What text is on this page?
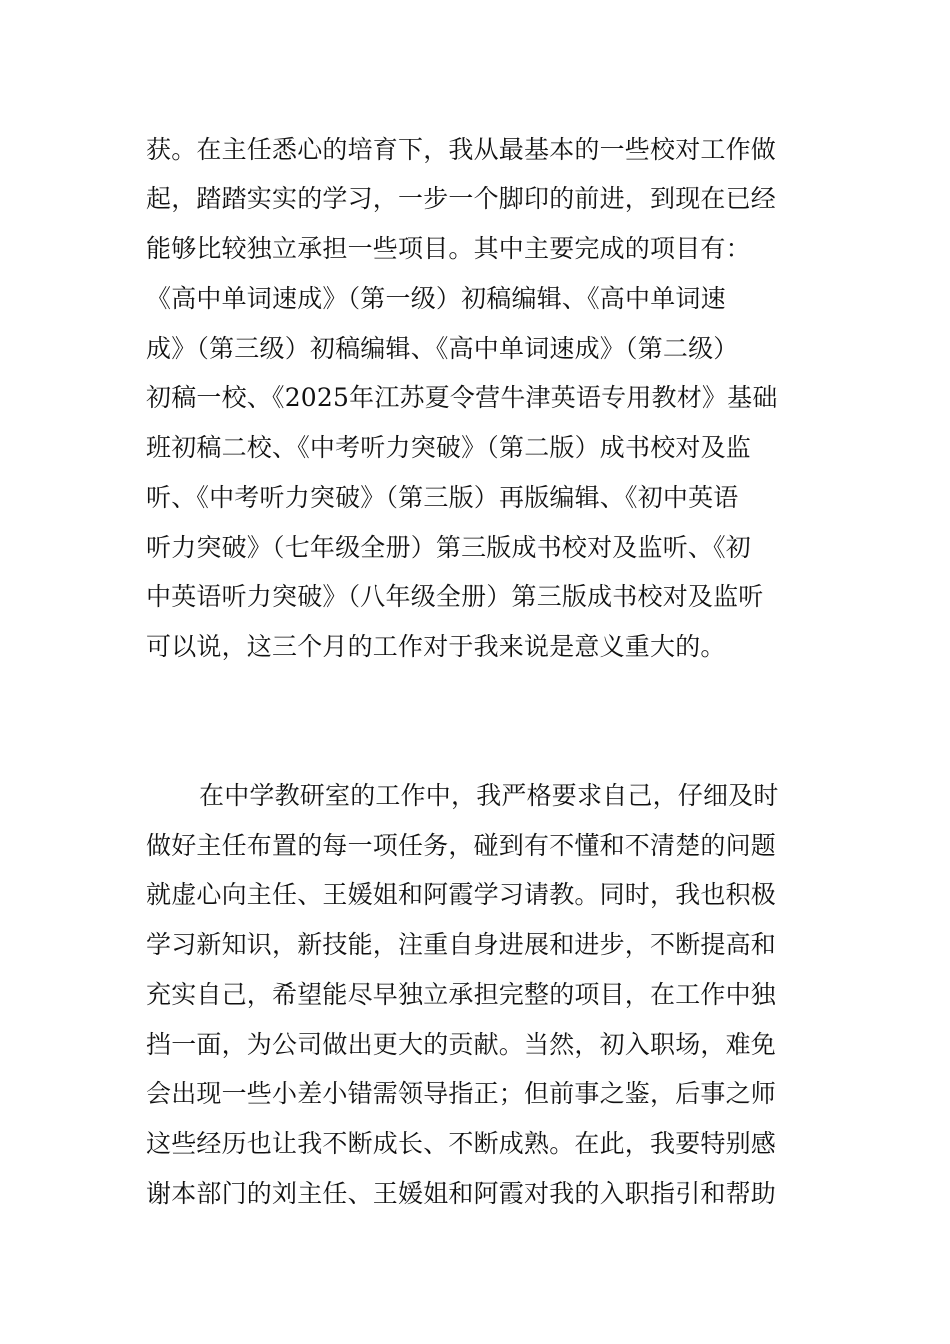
获。在主任悉心的培育下，我从最基本的一些校对工作做

起，踏踏实实的学习，一步一个脚印的前进，到现在已经

能够比较独立承担一些项目。其中主要完成的项目有：

《高中单词速成》（第一级）初稿编辑、《高中单词速

成》（第三级）初稿编辑、《高中单词速成》（第二级）

初稿一校、《2025年江苏夏令营牛津英语专用教材》基础

班初稿二校、《中考听力突破》（第二版）成书校对及监

听、《中考听力突破》（第三版）再版编辑、《初中英语

听力突破》（七年级全册）第三版成书校对及监听、《初

中英语听力突破》（八年级全册）第三版成书校对及监听

可以说，这三个月的工作对于我来说是意义重大的。

在中学教研室的工作中，我严格要求自己，仔细及时

做好主任布置的每一项任务，碰到有不懂和不清楚的问题

就虚心向主任、王媛姐和阿霞学习请教。同时，我也积极

学习新知识，新技能，注重自身进展和进步，不断提高和

充实自己，希望能尽早独立承担完整的项目，在工作中独

挡一面，为公司做出更大的贡献。当然，初入职场，难免

会出现一些小差小错需领导指正；但前事之鉴，后事之师

这些经历也让我不断成长、不断成熟。在此，我要特别感

谢本部门的刘主任、王媛姐和阿霞对我的入职指引和帮助
